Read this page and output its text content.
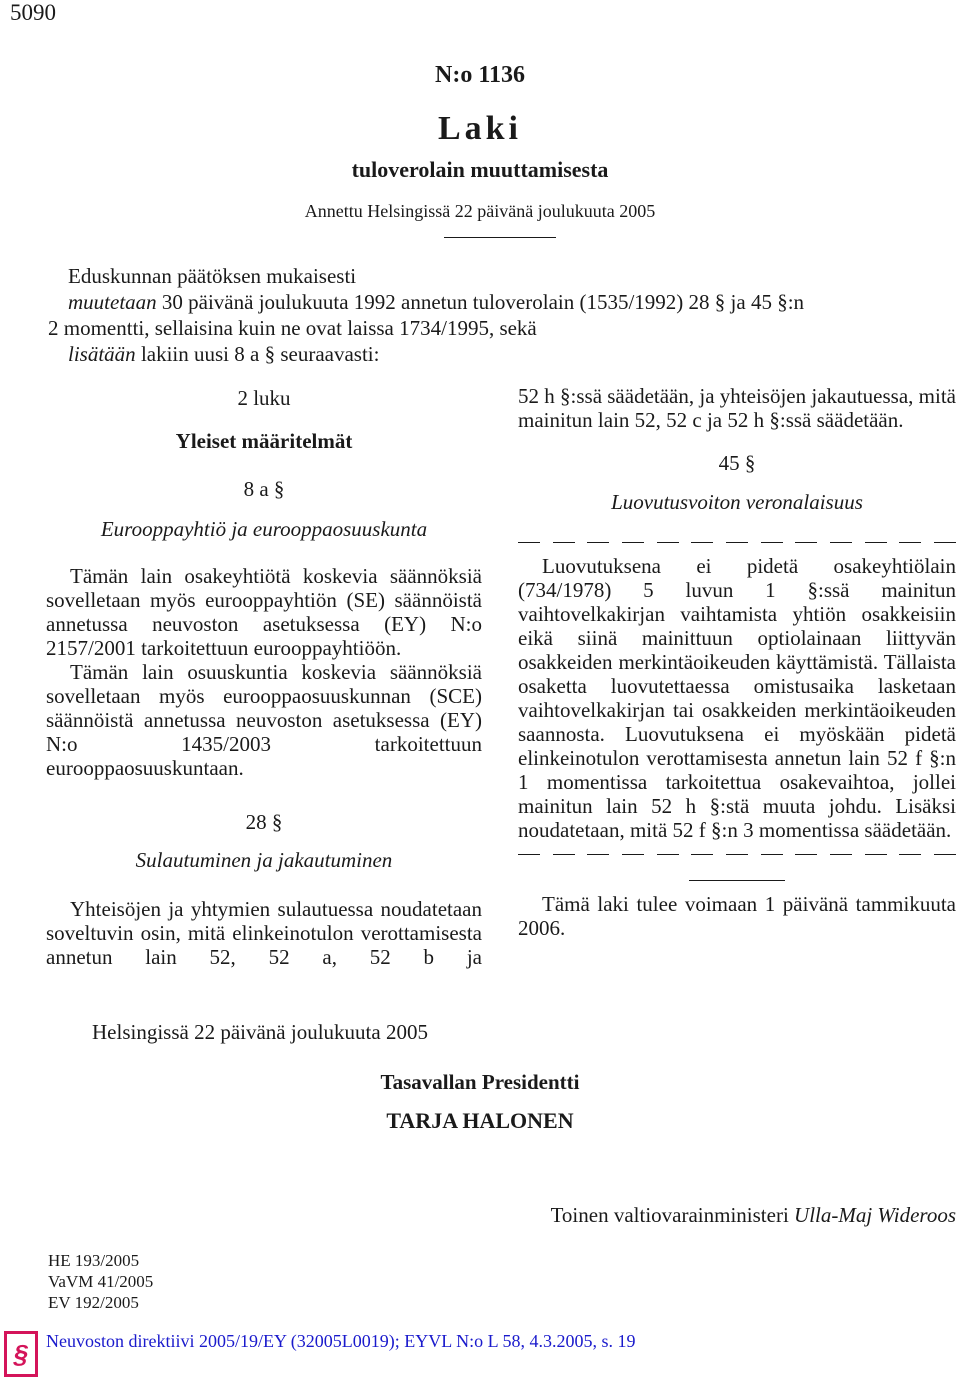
5090
N:o 1136
Laki
tuloverolain muuttamisesta
Annettu Helsingissä 22 päivänä joulukuuta 2005

Eduskunnan päätöksen mukaisesti

muutetaan 30 päivänä joulukuuta 1992 annetun tuloverolain (1535/1992) 28 § ja 45 §:n

2 momentti, sellaisina kuin ne ovat laissa 1734/1995, sekä

lisätään lakiin uusi 8 a § seuraavasti:

2 luku
Yleiset määritelmät
8 a §
Eurooppayhtiö ja eurooppaosuuskunta

Tämän lain osakeyhtiötä koskevia säännöksiä sovelletaan myös eurooppayhtiön (SE) säännöistä annetussa neuvoston asetuksessa (EY) N:o 2157/2001 tarkoitettuun eurooppayhtiöön.

Tämän lain osuuskuntia koskevia säännöksiä sovelletaan myös eurooppaosuuskunnan (SCE) säännöistä annetussa neuvoston asetuksessa (EY) N:o 1435/2003 tarkoitettuun eurooppaosuuskuntaan.

28 §
Sulautuminen ja jakautuminen

Yhteisöjen ja yhtymien sulautuessa noudatetaan soveltuvin osin, mitä elinkeinotulon verottamisesta annetun lain 52, 52 a, 52 b ja

52 h §:ssä säädetään, ja yhteisöjen jakautuessa, mitä mainitun lain 52, 52 c ja 52 h §:ssä säädetään.

45 §
Luovutusvoiton veronalaisuus

Luovutuksena ei pidetä osakeyhtiölain (734/1978) 5 luvun 1 §:ssä mainitun vaihtovelkakirjan vaihtamista yhtiön osakkeisiin eikä siinä mainittuun optiolainaan liittyvän osakkeiden merkintäoikeuden käyttämistä. Tällaista osaketta luovutettaessa omistusaika lasketaan vaihtovelkakirjan tai osakkeiden merkintäoikeuden saannosta. Luovutuksena ei myöskään pidetä elinkeinotulon verottamisesta annetun lain 52 f §:n 1 momentissa tarkoitettua osakevaihtoa, jollei mainitun lain 52 h §:stä muuta johdu. Lisäksi noudatetaan, mitä 52 f §:n 3 momentissa säädetään.

Tämä laki tulee voimaan 1 päivänä tammikuuta 2006.

Helsingissä 22 päivänä joulukuuta 2005
Tasavallan Presidentti
TARJA HALONEN
Toinen valtiovarainministeri Ulla-Maj Wideroos
HE 193/2005
VaVM 41/2005
EV 192/2005
§ Neuvoston direktiivi 2005/19/EY (32005L0019); EYVL N:o L 58, 4.3.2005, s. 19
